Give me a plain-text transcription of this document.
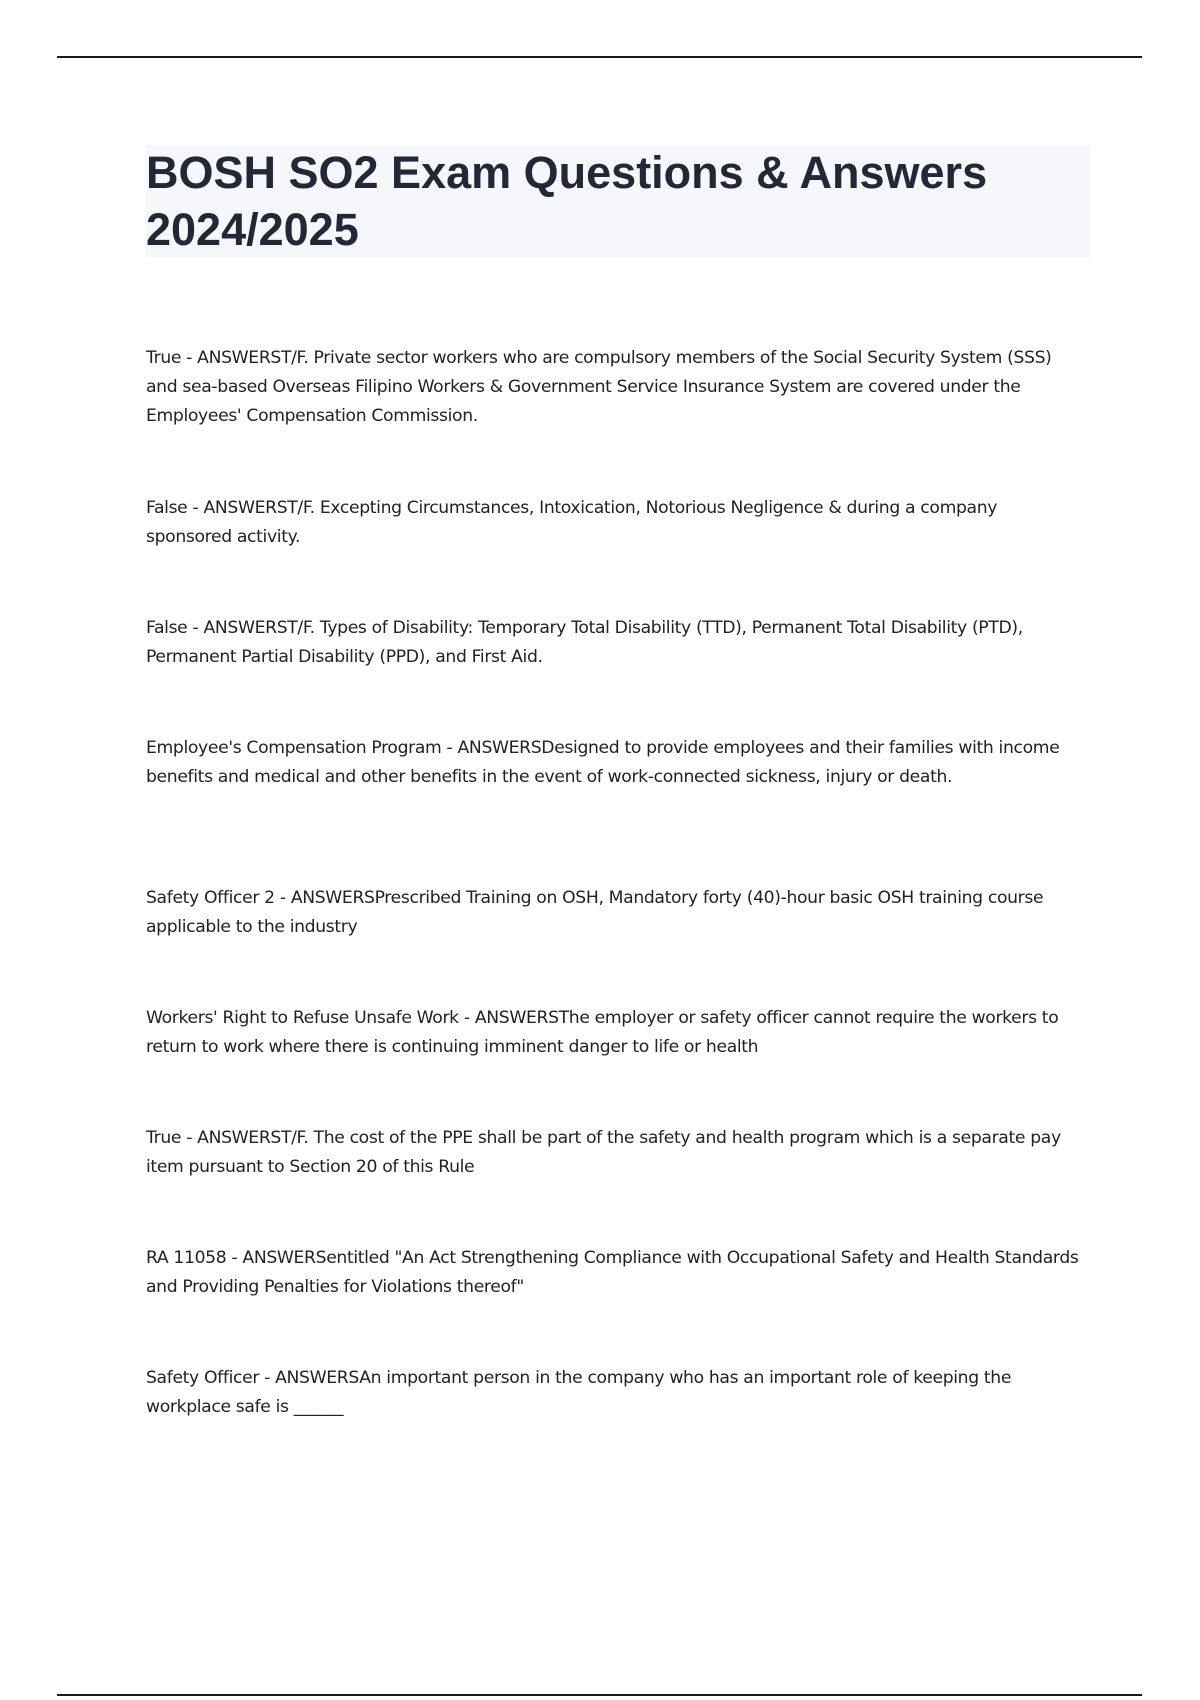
BOSH SO2 Exam Questions & Answers
2024/2025
True - ANSWERST/F. Private sector workers who are compulsory members of the Social Security System (SSS) and sea-based Overseas Filipino Workers & Government Service Insurance System are covered under the Employees' Compensation Commission.
False - ANSWERST/F. Excepting Circumstances, Intoxication, Notorious Negligence & during a company sponsored activity.
False - ANSWERST/F. Types of Disability: Temporary Total Disability (TTD), Permanent Total Disability (PTD), Permanent Partial Disability (PPD), and First Aid.
Employee's Compensation Program - ANSWERSDesigned to provide employees and their families with income benefits and medical and other benefits in the event of work-connected sickness, injury or death.
Safety Officer 2 - ANSWERSPrescribed Training on OSH, Mandatory forty (40)-hour basic OSH training course applicable to the industry
Workers' Right to Refuse Unsafe Work - ANSWERSThe employer or safety officer cannot require the workers to return to work where there is continuing imminent danger to life or health
True - ANSWERST/F. The cost of the PPE shall be part of the safety and health program which is a separate pay item pursuant to Section 20 of this Rule
RA 11058 - ANSWERSentitled "An Act Strengthening Compliance with Occupational Safety and Health Standards and Providing Penalties for Violations thereof"
Safety Officer - ANSWERSAn important person in the company who has an important role of keeping the workplace safe is ______
